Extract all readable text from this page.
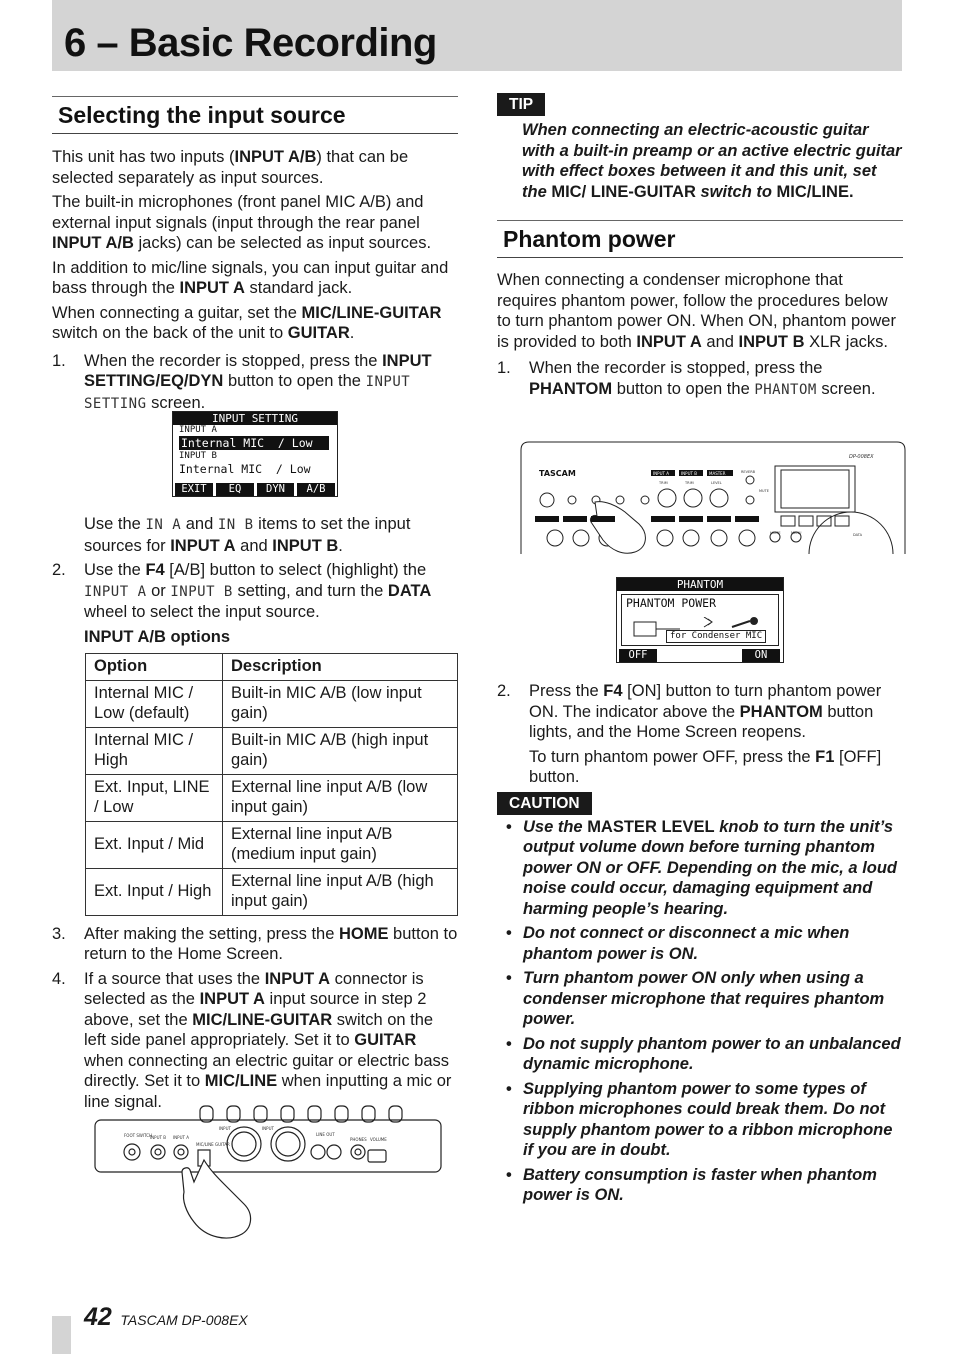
6 – Basic Recording
Selecting the input source

This unit has two inputs (INPUT A/B) that can be selected separately as input sources.

The built-in microphones (front panel MIC A/B) and external input signals (input through the rear panel INPUT A/B jacks) can be selected as input sources.

In addition to mic/line signals, you can input guitar and bass through the INPUT A standard jack.

When connecting a guitar, set the MIC/LINE-GUITAR switch on the back of the unit to GUITAR.

1. When the recorder is stopped, press the INPUT SETTING/EQ/DYN button to open the INPUT SETTING screen.
INPUT SETTING
INPUT A
Internal MIC  / Low
INPUT B
Internal MIC  / Low
EXIT	EQ	DYN	A/B

Use the IN A and IN B items to set the input sources for INPUT A and INPUT B.

2. Use the F4 [A/B] button to select (highlight) the INPUT A or INPUT B setting, and turn the DATA wheel to select the input source.

INPUT A/B options

Option	Description
Internal MIC / Low (default)	Built-in MIC A/B (low input gain)
Internal MIC / High	Built-in MIC A/B (high input gain)
Ext. Input, LINE / Low	External line input A/B (low input gain)
Ext. Input / Mid	External line input A/B (medium input gain)
Ext. Input / High	External line input A/B (high input gain)
3. After making the setting, press the HOME button to return to the Home Screen.
4. If a source that uses the INPUT A connector is selected as the INPUT A input source in step 2 above, set the MIC/LINE-GUITAR switch on the left side panel appropriately. Set it to GUITAR when connecting an electric guitar or electric bass directly. Set it to MIC/LINE when inputting a mic or line signal.
FOOT SWITCH
INPUT B INPUT A
MIC/LINE GUITAR
INPUT	INPUT
LINE OUT
PHONES VOLUME
TIP

When connecting an electric-acoustic guitar with a built-in preamp or an active electric guitar with effect boxes between it and this unit, set the MIC/ LINE-GUITAR switch to MIC/LINE.

Phantom power

When connecting a condenser microphone that requires phantom power, follow the procedures below to turn phantom power ON. When ON, phantom power is provided to both INPUT A and INPUT B XLR jacks.

1. When the recorder is stopped, press the PHANTOM button to open the PHANTOM screen.
TASCAM
DP-008EX
INPUT A	INPUT B	MASTER
TRIM	TRIM	LEVEL
REVERB
MUTE
HOME	MENU	DATA
PHANTOM
PHANTOM POWER
for Condenser MIC
OFF	ON
2. Press the F4 [ON] button to turn phantom power ON. The indicator above the PHANTOM button lights, and the Home Screen reopens.

To turn phantom power OFF, press the F1 [OFF] button.

CAUTION
• Use the MASTER LEVEL knob to turn the unit’s output volume down before turning phantom power ON or OFF. Depending on the mic, a loud noise could occur, damaging equipment and harming people’s hearing.
• Do not connect or disconnect a mic when phantom power is ON.
• Turn phantom power ON only when using a condenser microphone that requires phantom power.
• Do not supply phantom power to an unbalanced dynamic microphone.
• Supplying phantom power to some types of ribbon microphones could break them. Do not supply phantom power to a ribbon microphone if you are in doubt.
• Battery consumption is faster when phantom power is ON.
42 TASCAM DP-008EX
